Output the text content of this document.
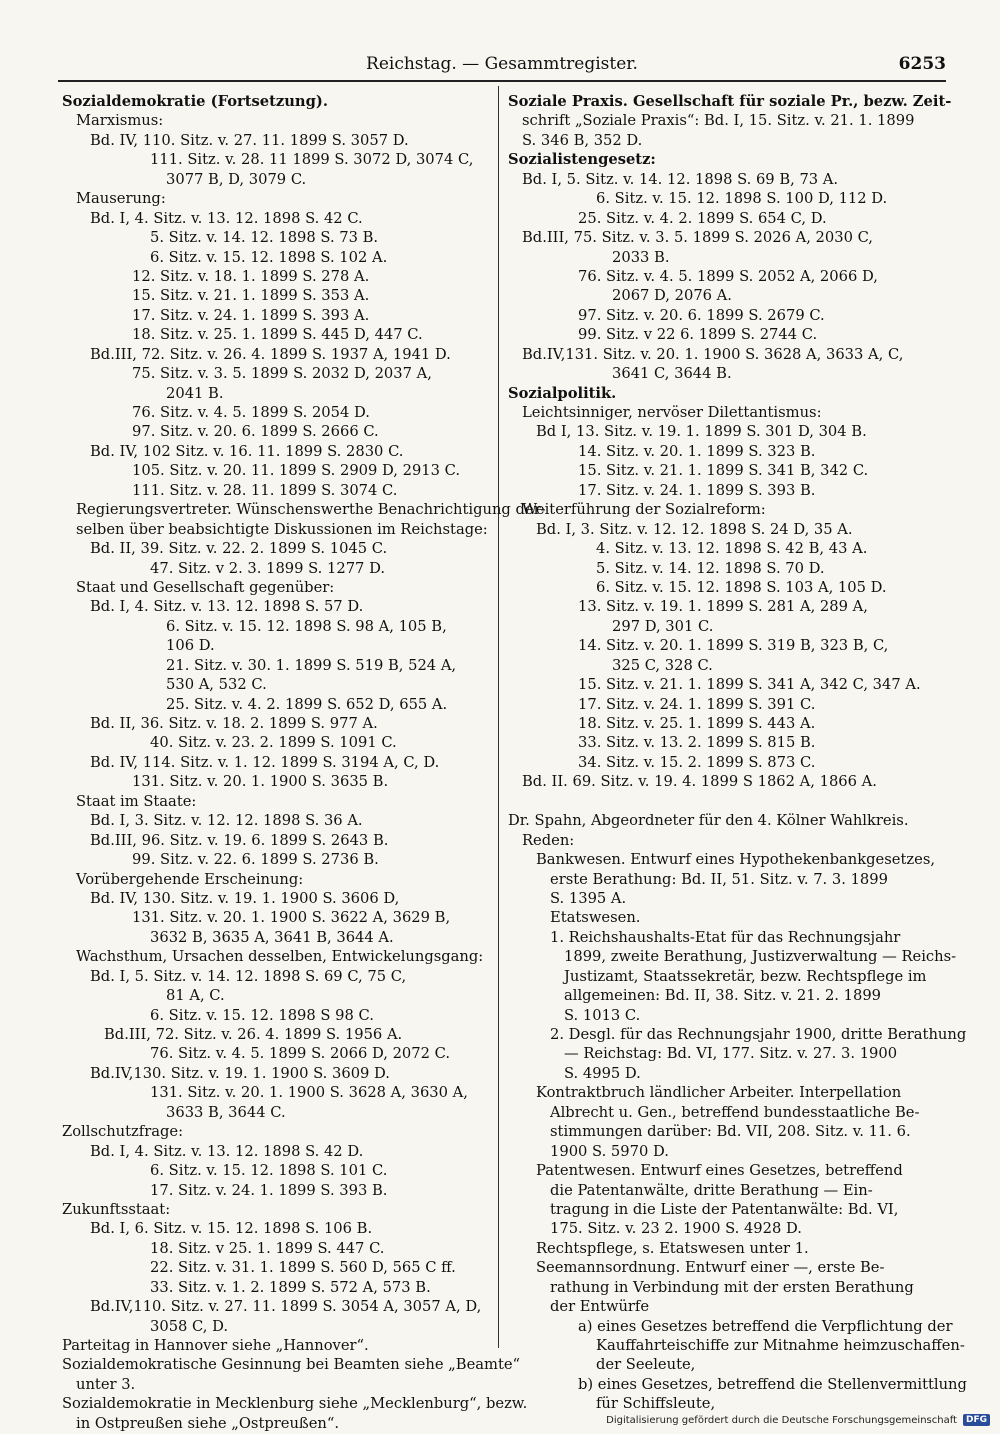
Reichstag. — Gesammtregister.	6253
Sozialdemokratie (Fortsetzung).
Marxismus:
Bd. IV, 110. Sitz. v. 27. 11. 1899 S. 3057 D.
111. Sitz. v. 28. 11 1899 S. 3072 D, 3074 C,
3077 B, D, 3079 C.
Mauserung:
Bd. I, 4. Sitz. v. 13. 12. 1898 S. 42 C.
5. Sitz. v. 14. 12. 1898 S. 73 B.
6. Sitz. v. 15. 12. 1898 S. 102 A.
12. Sitz. v. 18. 1. 1899 S. 278 A.
15. Sitz. v. 21. 1. 1899 S. 353 A.
17. Sitz. v. 24. 1. 1899 S. 393 A.
18. Sitz. v. 25. 1. 1899 S. 445 D, 447 C.
Bd.III, 72. Sitz. v. 26. 4. 1899 S. 1937 A, 1941 D.
75. Sitz. v. 3. 5. 1899 S. 2032 D, 2037 A,
2041 B.
76. Sitz. v. 4. 5. 1899 S. 2054 D.
97. Sitz. v. 20. 6. 1899 S. 2666 C.
Bd. IV, 102 Sitz. v. 16. 11. 1899 S. 2830 C.
105. Sitz. v. 20. 11. 1899 S. 2909 D, 2913 C.
111. Sitz. v. 28. 11. 1899 S. 3074 C.
Regierungsvertreter. Wünschenswerthe Benachrichtigung der-
selben über beabsichtigte Diskussionen im Reichstage:
Bd. II, 39. Sitz. v. 22. 2. 1899 S. 1045 C.
47. Sitz. v 2. 3. 1899 S. 1277 D.
Staat und Gesellschaft gegenüber:
Bd. I, 4. Sitz. v. 13. 12. 1898 S. 57 D.
6. Sitz. v. 15. 12. 1898 S. 98 A, 105 B,
106 D.
21. Sitz. v. 30. 1. 1899 S. 519 B, 524 A,
530 A, 532 C.
25. Sitz. v. 4. 2. 1899 S. 652 D, 655 A.
Bd. II, 36. Sitz. v. 18. 2. 1899 S. 977 A.
40. Sitz. v. 23. 2. 1899 S. 1091 C.
Bd. IV, 114. Sitz. v. 1. 12. 1899 S. 3194 A, C, D.
131. Sitz. v. 20. 1. 1900 S. 3635 B.
Staat im Staate:
Bd. I, 3. Sitz. v. 12. 12. 1898 S. 36 A.
Bd.III, 96. Sitz. v. 19. 6. 1899 S. 2643 B.
99. Sitz. v. 22. 6. 1899 S. 2736 B.
Vorübergehende Erscheinung:
Bd. IV, 130. Sitz. v. 19. 1. 1900 S. 3606 D,
131. Sitz. v. 20. 1. 1900 S. 3622 A, 3629 B,
3632 B, 3635 A, 3641 B, 3644 A.
Wachsthum, Ursachen desselben, Entwickelungsgang:
Bd. I, 5. Sitz. v. 14. 12. 1898 S. 69 C, 75 C,
81 A, C.
6. Sitz. v. 15. 12. 1898 S 98 C.
Bd.III, 72. Sitz. v. 26. 4. 1899 S. 1956 A.
76. Sitz. v. 4. 5. 1899 S. 2066 D, 2072 C.
Bd.IV,130. Sitz. v. 19. 1. 1900 S. 3609 D.
131. Sitz. v. 20. 1. 1900 S. 3628 A, 3630 A,
3633 B, 3644 C.
Zollschutzfrage:
Bd. I, 4. Sitz. v. 13. 12. 1898 S. 42 D.
6. Sitz. v. 15. 12. 1898 S. 101 C.
17. Sitz. v. 24. 1. 1899 S. 393 B.
Zukunftsstaat:
Bd. I, 6. Sitz. v. 15. 12. 1898 S. 106 B.
18. Sitz. v 25. 1. 1899 S. 447 C.
22. Sitz. v. 31. 1. 1899 S. 560 D, 565 C ff.
33. Sitz. v. 1. 2. 1899 S. 572 A, 573 B.
Bd.IV,110. Sitz. v. 27. 11. 1899 S. 3054 A, 3057 A, D,
3058 C, D.
Parteitag in Hannover siehe „Hannover“.
Sozialdemokratische Gesinnung bei Beamten siehe „Beamte“
unter 3.
Sozialdemokratie in Mecklenburg siehe „Mecklenburg“, bezw.
in Ostpreußen siehe „Ostpreußen“.
Soziale Praxis. Gesellschaft für soziale Pr., bezw. Zeit-
schrift „Soziale Praxis“: Bd. I, 15. Sitz. v. 21. 1. 1899
S. 346 B, 352 D.
Sozialistengesetz:
Bd. I, 5. Sitz. v. 14. 12. 1898 S. 69 B, 73 A.
6. Sitz. v. 15. 12. 1898 S. 100 D, 112 D.
25. Sitz. v. 4. 2. 1899 S. 654 C, D.
Bd.III, 75. Sitz. v. 3. 5. 1899 S. 2026 A, 2030 C,
2033 B.
76. Sitz. v. 4. 5. 1899 S. 2052 A, 2066 D,
2067 D, 2076 A.
97. Sitz. v. 20. 6. 1899 S. 2679 C.
99. Sitz. v 22 6. 1899 S. 2744 C.
Bd.IV,131. Sitz. v. 20. 1. 1900 S. 3628 A, 3633 A, C,
3641 C, 3644 B.
Sozialpolitik.
Leichtsinniger, nervöser Dilettantismus:
Bd I, 13. Sitz. v. 19. 1. 1899 S. 301 D, 304 B.
14. Sitz. v. 20. 1. 1899 S. 323 B.
15. Sitz. v. 21. 1. 1899 S. 341 B, 342 C.
17. Sitz. v. 24. 1. 1899 S. 393 B.
Weiterführung der Sozialreform:
Bd. I, 3. Sitz. v. 12. 12. 1898 S. 24 D, 35 A.
4. Sitz. v. 13. 12. 1898 S. 42 B, 43 A.
5. Sitz. v. 14. 12. 1898 S. 70 D.
6. Sitz. v. 15. 12. 1898 S. 103 A, 105 D.
13. Sitz. v. 19. 1. 1899 S. 281 A, 289 A,
297 D, 301 C.
14. Sitz. v. 20. 1. 1899 S. 319 B, 323 B, C,
325 C, 328 C.
15. Sitz. v. 21. 1. 1899 S. 341 A, 342 C, 347 A.
17. Sitz. v. 24. 1. 1899 S. 391 C.
18. Sitz. v. 25. 1. 1899 S. 443 A.
33. Sitz. v. 13. 2. 1899 S. 815 B.
34. Sitz. v. 15. 2. 1899 S. 873 C.
Bd. II. 69. Sitz. v. 19. 4. 1899 S 1862 A, 1866 A.
Dr. Spahn, Abgeordneter für den 4. Kölner Wahlkreis.
Reden:
Bankwesen. Entwurf eines Hypothekenbankgesetzes,
erste Berathung: Bd. II, 51. Sitz. v. 7. 3. 1899
S. 1395 A.
Etatswesen.
1. Reichshaushalts-Etat für das Rechnungsjahr
1899, zweite Berathung, Justizverwaltung — Reichs-
Justizamt, Staatssekretär, bezw. Rechtspflege im
allgemeinen: Bd. II, 38. Sitz. v. 21. 2. 1899
S. 1013 C.
2. Desgl. für das Rechnungsjahr 1900, dritte Berathung
— Reichstag: Bd. VI, 177. Sitz. v. 27. 3. 1900
S. 4995 D.
Kontraktbruch ländlicher Arbeiter. Interpellation
Albrecht u. Gen., betreffend bundesstaatliche Be-
stimmungen darüber: Bd. VII, 208. Sitz. v. 11. 6.
1900 S. 5970 D.
Patentwesen. Entwurf eines Gesetzes, betreffend
die Patentanwälte, dritte Berathung — Ein-
tragung in die Liste der Patentanwälte: Bd. VI,
175. Sitz. v. 23 2. 1900 S. 4928 D.
Rechtspflege, s. Etatswesen unter 1.
Seemannsordnung. Entwurf einer —, erste Be-
rathung in Verbindung mit der ersten Berathung
der Entwürfe
a) eines Gesetzes betreffend die Verpflichtung der
Kauffahrteischiffe zur Mitnahme heimzuschaffen-
der Seeleute,
b) eines Gesetzes, betreffend die Stellenvermittlung
für Schiffsleute,
Digitalisierung gefördert durch die Deutsche Forschungsgemeinschaft	DFG
